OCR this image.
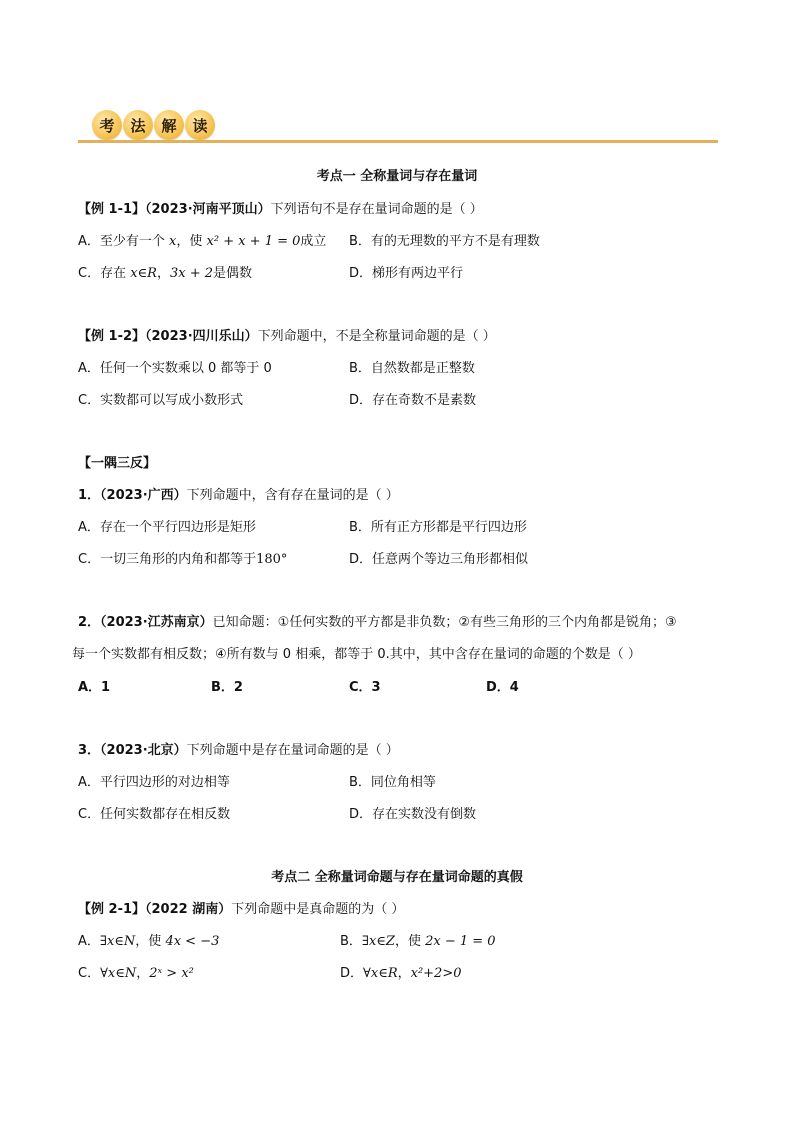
考	法	解	读
考点一 全称量词与存在量词
【例 1-1】（2023·河南平顶山）下列语句不是存在量词命题的是（ ）
A．至少有一个 x，使 x² + x + 1 = 0成立 B．有的无理数的平方不是有理数
C．存在 x∈R，3x + 2是偶数	D．梯形有两边平行
【例 1-2】（2023·四川乐山）下列命题中，不是全称量词命题的是（ ）
A．任何一个实数乘以 0 都等于 0	B．自然数都是正整数
C．实数都可以写成小数形式	D．存在奇数不是素数
【一隅三反】
1．（2023·广西）下列命题中，含有存在量词的是（ ）
A．存在一个平行四边形是矩形	B．所有正方形都是平行四边形
C．一切三角形的内角和都等于180°	D．任意两个等边三角形都相似
2．（2023·江苏南京）已知命题：①任何实数的平方都是非负数；②有些三角形的三个内角都是锐角；③
每一个实数都有相反数；④所有数与 0 相乘，都等于 0.其中，其中含存在量词的命题的个数是（ ）
A．1	B．2	C．3	D．4
3．（2023·北京）下列命题中是存在量词命题的是（ ）
A．平行四边形的对边相等	B．同位角相等
C．任何实数都存在相反数	D．存在实数没有倒数
考点二 全称量词命题与存在量词命题的真假
【例 2-1】（2022 湖南）下列命题中是真命题的为（ ）
A．∃x∈N，使 4x < −3	B．∃x∈Z，使 2x − 1 = 0
C．∀x∈N，2ˣ > x²	D．∀x∈R，x²+2>0
